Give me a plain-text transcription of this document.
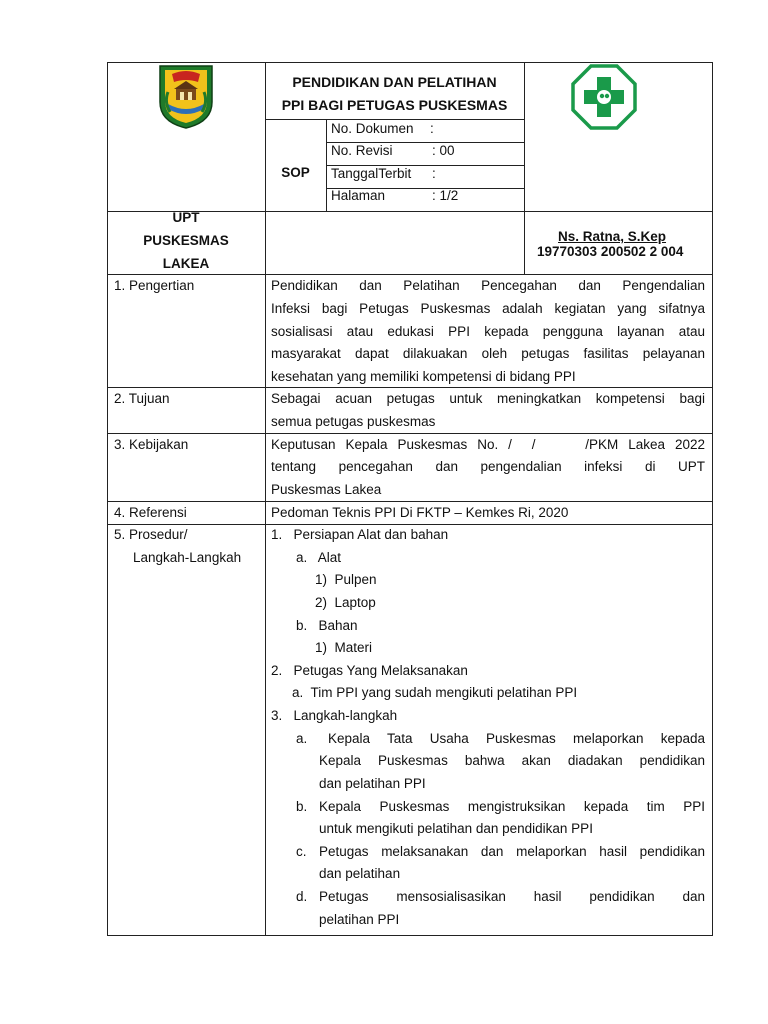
PENDIDIKAN DAN PELATIHAN
PPI BAGI PETUGAS PUSKESMAS
SOP
No. Dokumen :
No. Revisi	: 00
TanggalTerbit :
Halaman	: 1/2
UPT
PUSKESMAS
LAKEA
Ns. Ratna, S.Kep
19770303 200502 2 004
1. Pengertian	Pendidikan dan Pelatihan Pencegahan dan Pengendalian
Infeksi bagi Petugas Puskesmas adalah kegiatan yang sifatnya
sosialisasi atau edukasi PPI kepada pengguna layanan atau
masyarakat dapat dilakuakan oleh petugas fasilitas pelayanan
kesehatan yang memiliki kompetensi di bidang PPI
2. Tujuan	Sebagai acuan petugas untuk meningkatkan kompetensi bagi
semua petugas puskesmas
3. Kebijakan	Keputusan Kepala Puskesmas No. /  /     /PKM Lakea 2022
tentang pencegahan dan pengendalian infeksi di UPT
Puskesmas Lakea
4. Referensi	Pedoman Teknis PPI Di FKTP – Kemkes Ri, 2020
5. Prosedur/
Langkah-Langkah
1.   Persiapan Alat dan bahan
a.   Alat
1)  Pulpen
2)  Laptop
b.   Bahan
1)  Materi
2.   Petugas Yang Melaksanakan
a.  Tim PPI yang sudah mengikuti pelatihan PPI
3.   Langkah-langkah
a. Kepala Tata Usaha Puskesmas melaporkan kepada
Kepala Puskesmas bahwa akan diadakan pendidikan
dan pelatihan PPI
b. Kepala Puskesmas mengistruksikan kepada tim PPI
untuk mengikuti pelatihan dan pendidikan PPI
c. Petugas melaksanakan dan melaporkan hasil pendidikan
dan pelatihan
d. Petugas mensosialisasikan hasil pendidikan dan
pelatihan PPI
